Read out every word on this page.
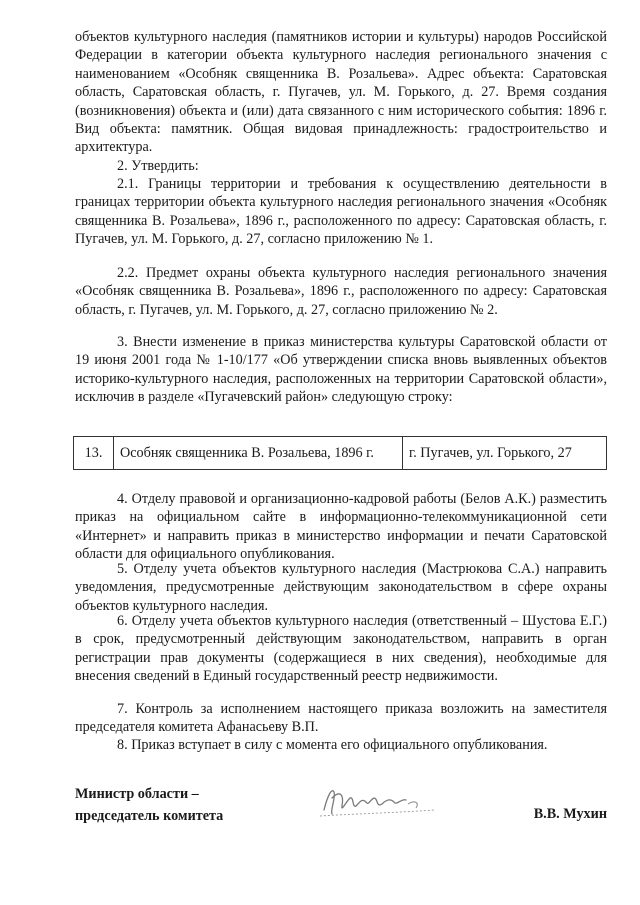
объектов культурного наследия (памятников истории и культуры) народов Российской Федерации в категории объекта культурного наследия регионального значения с наименованием «Особняк священника В. Розальева». Адрес объекта: Саратовская область, Саратовская область, г. Пугачев, ул. М. Горького, д. 27. Время создания (возникновения) объекта и (или) дата связанного с ним исторического события: 1896 г. Вид объекта: памятник. Общая видовая принадлежность: градостроительство и архитектура.

2. Утвердить:

2.1. Границы территории и требования к осуществлению деятельности в границах территории объекта культурного наследия регионального значения «Особняк священника В. Розальева», 1896 г., расположенного по адресу: Саратовская область, г. Пугачев, ул. М. Горького, д. 27, согласно приложению № 1.

2.2. Предмет охраны объекта культурного наследия регионального значения «Особняк священника В. Розальева», 1896 г., расположенного по адресу: Саратовская область, г. Пугачев, ул. М. Горького, д. 27, согласно приложению № 2.

3. Внести изменение в приказ министерства культуры Саратовской области от 19 июня 2001 года № 1-10/177 «Об утверждении списка вновь выявленных объектов историко-культурного наследия, расположенных на территории Саратовской области», исключив в разделе «Пугачевский район» следующую строку:

13.	Особняк священника В. Розальева, 1896 г.	г. Пугачев, ул. Горького, 27

4. Отделу правовой и организационно-кадровой работы (Белов А.К.) разместить приказ на официальном сайте в информационно-телекоммуникационной сети «Интернет» и направить приказ в министерство информации и печати Саратовской области для официального опубликования.

5. Отделу учета объектов культурного наследия (Мастрюкова С.А.) направить уведомления, предусмотренные действующим законодательством в сфере охраны объектов культурного наследия.

6. Отделу учета объектов культурного наследия (ответственный – Шустова Е.Г.) в срок, предусмотренный действующим законодательством, направить в орган регистрации прав документы (содержащиеся в них сведения), необходимые для внесения сведений в Единый государственный реестр недвижимости.

7. Контроль за исполнением настоящего приказа возложить на заместителя председателя комитета Афанасьеву В.П.

8. Приказ вступает в силу с момента его официального опубликования.

Министр области –
председатель комитета	В.В. Мухин
